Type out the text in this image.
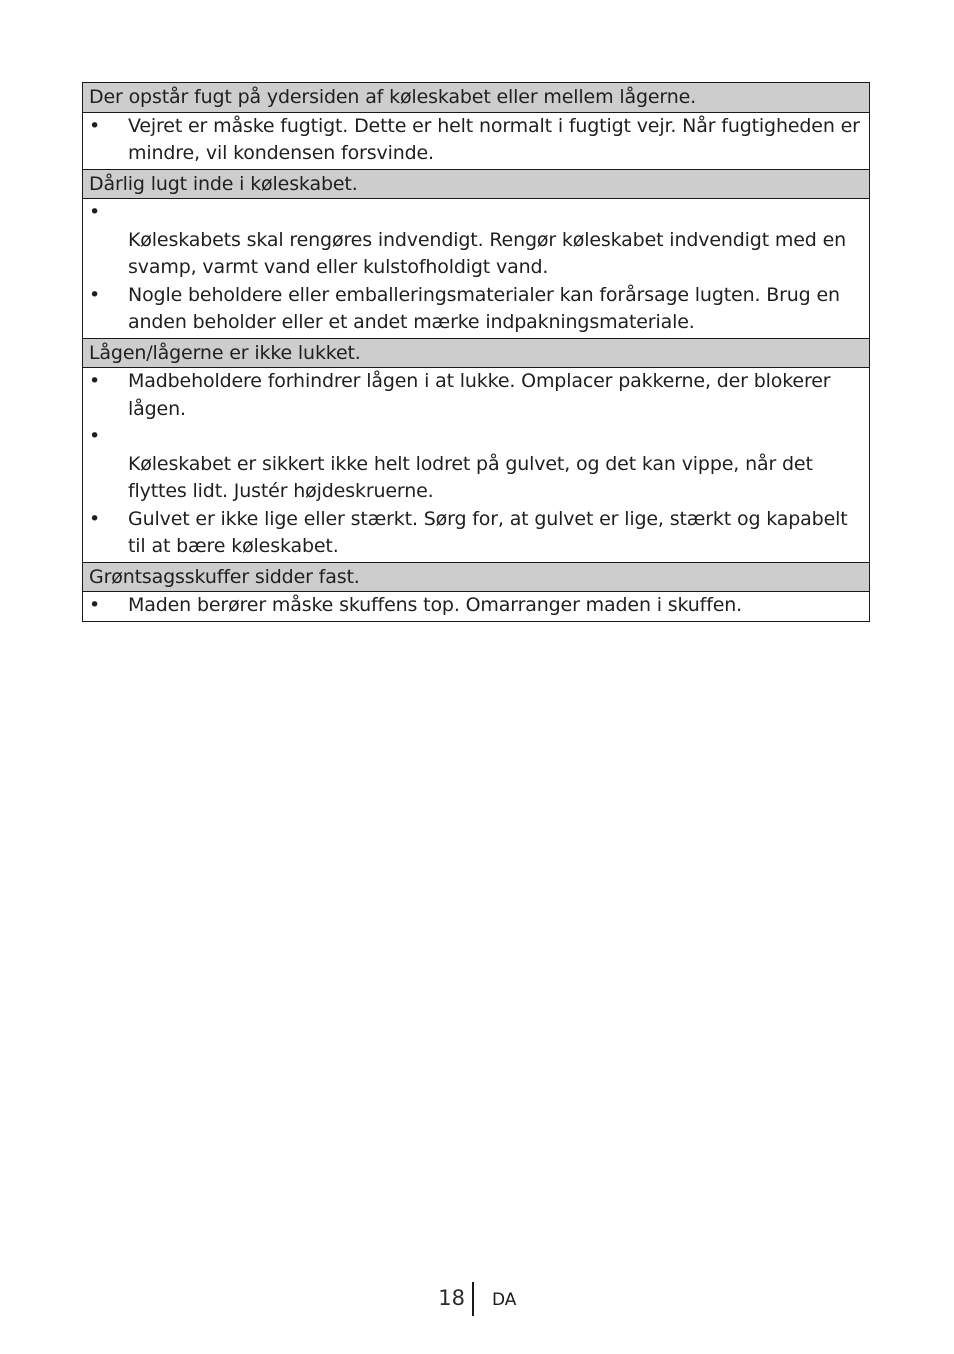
Der opstår fugt på ydersiden af køleskabet eller mellem lågerne.
•	Vejret er måske fugtigt. Dette er helt normalt i fugtigt vejr. Når fugtigheden er mindre, vil kondensen forsvinde.
Dårlig lugt inde i køleskabet.
•
Køleskabets skal rengøres indvendigt. Rengør køleskabet indvendigt med en svamp, varmt vand eller kulstofholdigt vand.
•	Nogle beholdere eller emballeringsmaterialer kan forårsage lugten. Brug en anden beholder eller et andet mærke indpakningsmateriale.
Lågen/lågerne er ikke lukket.
•	Madbeholdere forhindrer lågen i at lukke. Omplacer pakkerne, der blokerer lågen.
•
Køleskabet er sikkert ikke helt lodret på gulvet, og det kan vippe, når det flyttes lidt. Justér højdeskruerne.
•	Gulvet er ikke lige eller stærkt. Sørg for, at gulvet er lige, stærkt og kapabelt til at bære køleskabet.
Grøntsagsskuffer sidder fast.
•	Maden berører måske skuffens top. Omarranger maden i skuffen.
18 DA
